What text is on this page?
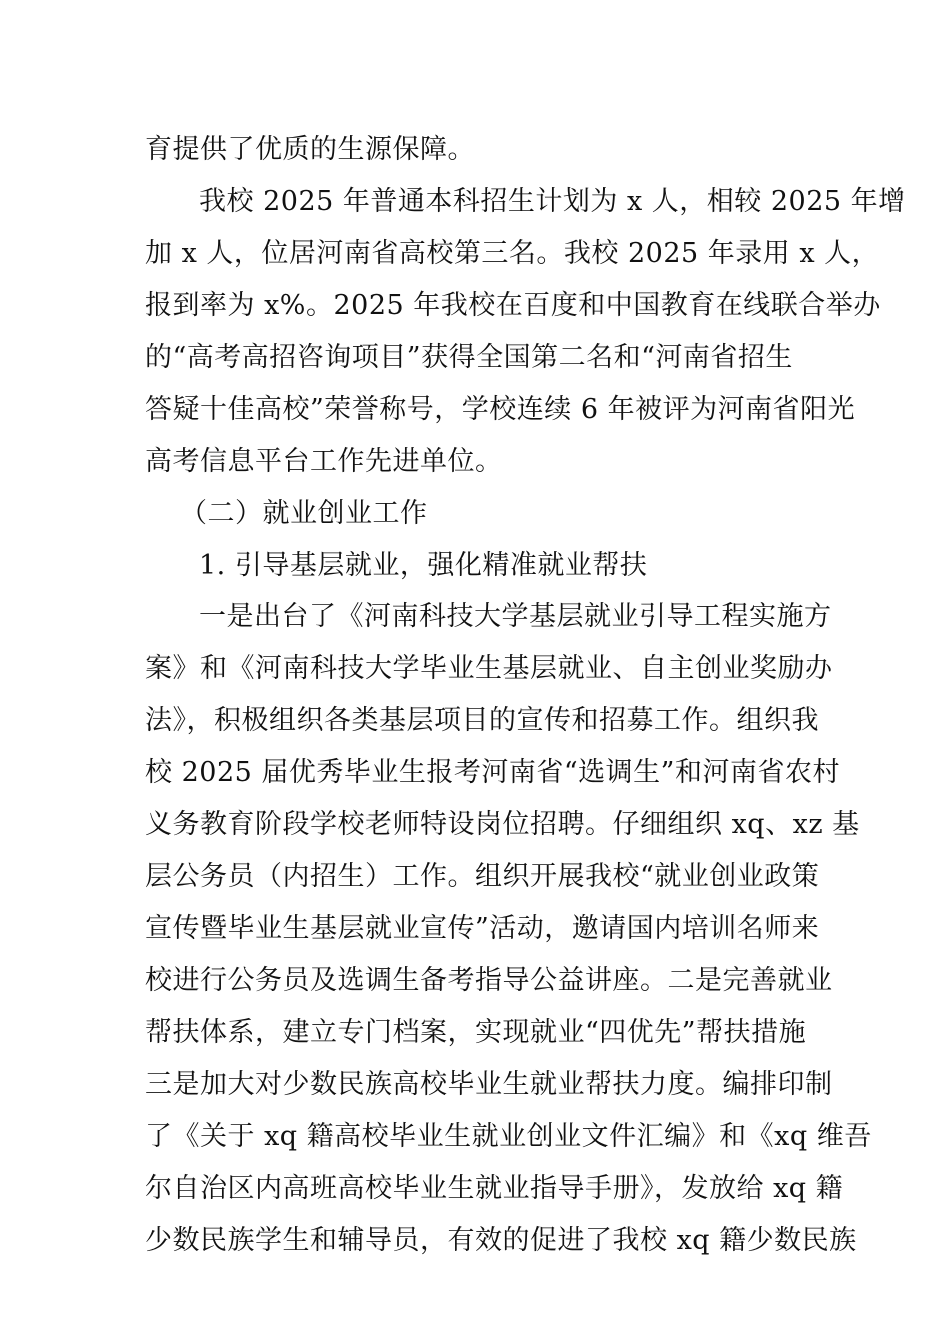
育提供了优质的生源保障。
我校 2025 年普通本科招生计划为 x 人，相较 2025 年增
加 x 人，位居河南省高校第三名。我校 2025 年录用 x 人，
报到率为 x%。2025 年我校在百度和中国教育在线联合举办
的“高考高招咨询项目”获得全国第二名和“河南省招生
答疑十佳高校”荣誉称号，学校连续 6 年被评为河南省阳光
高考信息平台工作先进单位。
（二）就业创业工作
1. 引导基层就业，强化精准就业帮扶
一是出台了《河南科技大学基层就业引导工程实施方
案》和《河南科技大学毕业生基层就业、自主创业奖励办
法》，积极组织各类基层项目的宣传和招募工作。组织我
校 2025 届优秀毕业生报考河南省“选调生”和河南省农村
义务教育阶段学校老师特设岗位招聘。仔细组织 xq、xz 基
层公务员（内招生）工作。组织开展我校“就业创业政策
宣传暨毕业生基层就业宣传”活动，邀请国内培训名师来
校进行公务员及选调生备考指导公益讲座。二是完善就业
帮扶体系，建立专门档案，实现就业“四优先”帮扶措施
三是加大对少数民族高校毕业生就业帮扶力度。编排印制
了《关于 xq 籍高校毕业生就业创业文件汇编》和《xq 维吾
尔自治区内高班高校毕业生就业指导手册》，发放给 xq 籍
少数民族学生和辅导员，有效的促进了我校 xq 籍少数民族
